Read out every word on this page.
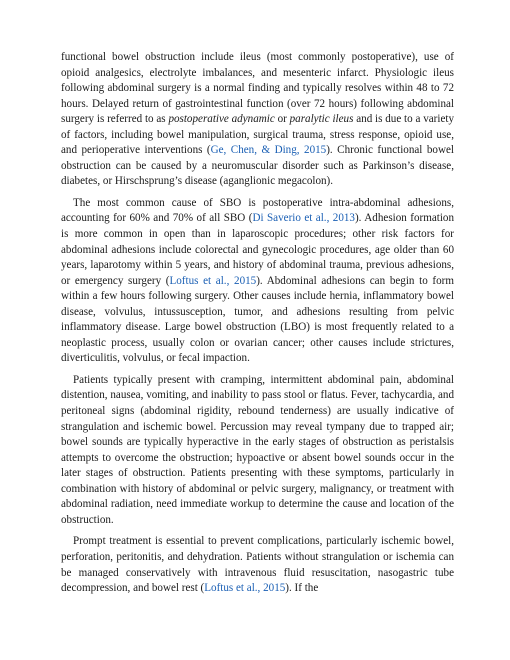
functional bowel obstruction include ileus (most commonly postoperative), use of opioid analgesics, electrolyte imbalances, and mesenteric infarct. Physiologic ileus following abdominal surgery is a normal finding and typically resolves within 48 to 72 hours. Delayed return of gastrointestinal function (over 72 hours) following abdominal surgery is referred to as postoperative adynamic or paralytic ileus and is due to a variety of factors, including bowel manipulation, surgical trauma, stress response, opioid use, and perioperative interventions (Ge, Chen, & Ding, 2015). Chronic functional bowel obstruction can be caused by a neuromuscular disorder such as Parkinson’s disease, diabetes, or Hirschsprung’s disease (aganglionic megacolon).

The most common cause of SBO is postoperative intra-abdominal adhesions, accounting for 60% and 70% of all SBO (Di Saverio et al., 2013). Adhesion formation is more common in open than in laparoscopic procedures; other risk factors for abdominal adhesions include colorectal and gynecologic procedures, age older than 60 years, laparotomy within 5 years, and history of abdominal trauma, previous adhesions, or emergency surgery (Loftus et al., 2015). Abdominal adhesions can begin to form within a few hours following surgery. Other causes include hernia, inflammatory bowel disease, volvulus, intussusception, tumor, and adhesions resulting from pelvic inflammatory disease. Large bowel obstruction (LBO) is most frequently related to a neoplastic process, usually colon or ovarian cancer; other causes include strictures, diverticulitis, volvulus, or fecal impaction.

Patients typically present with cramping, intermittent abdominal pain, abdominal distention, nausea, vomiting, and inability to pass stool or flatus. Fever, tachycardia, and peritoneal signs (abdominal rigidity, rebound tenderness) are usually indicative of strangulation and ischemic bowel. Percussion may reveal tympany due to trapped air; bowel sounds are typically hyperactive in the early stages of obstruction as peristalsis attempts to overcome the obstruction; hypoactive or absent bowel sounds occur in the later stages of obstruction. Patients presenting with these symptoms, particularly in combination with history of abdominal or pelvic surgery, malignancy, or treatment with abdominal radiation, need immediate workup to determine the cause and location of the obstruction.

Prompt treatment is essential to prevent complications, particularly ischemic bowel, perforation, peritonitis, and dehydration. Patients without strangulation or ischemia can be managed conservatively with intravenous fluid resuscitation, nasogastric tube decompression, and bowel rest (Loftus et al., 2015). If the
